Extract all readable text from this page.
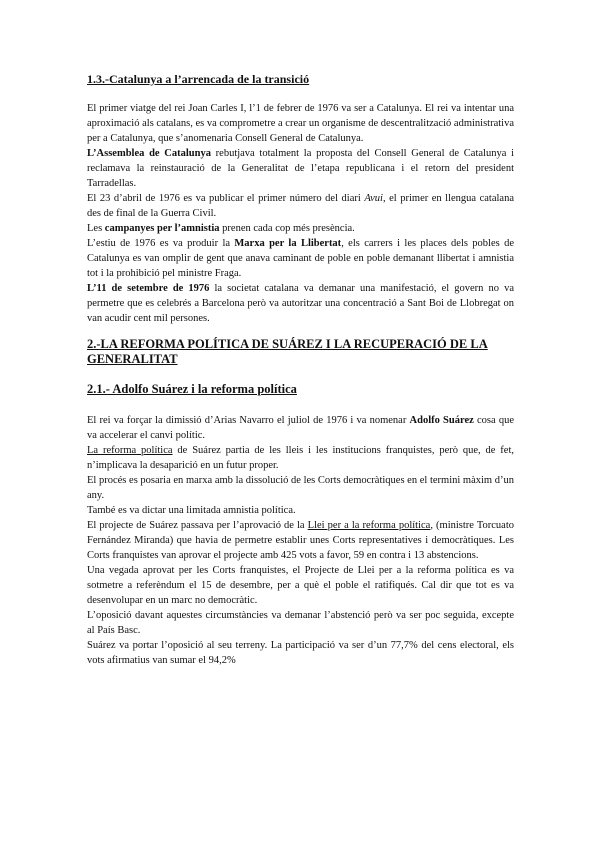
1.3.-Catalunya a l’arrencada de la transició

El primer viatge del rei Joan Carles I, l’1 de febrer de 1976 va ser a Catalunya. El rei va intentar una aproximació als catalans, es va comprometre a crear un organisme de descentralització administrativa per a Catalunya, que s’anomenaria Consell General de Catalunya.

L’Assemblea de Catalunya rebutjava totalment la proposta del Consell General de Catalunya i reclamava la reinstauració de la Generalitat de l’etapa republicana i el retorn del president Tarradellas.

El 23 d’abril de 1976 es va publicar el primer número del diari Avui, el primer en llengua catalana des de final de la Guerra Civil.

Les campanyes per l’amnistia prenen cada cop més presència.

L’estiu de 1976 es va produir la Marxa per la Llibertat, els carrers i les places dels pobles de Catalunya es van omplir de gent que anava caminant de poble en poble demanant llibertat i amnistia tot i la prohibició pel ministre Fraga.

L’11 de setembre de 1976 la societat catalana va demanar una manifestació, el govern no va permetre que es celebrés a Barcelona però va autoritzar una concentració a Sant Boi de Llobregat on van acudir cent mil persones.

2.-LA REFORMA POLÍTICA DE SUÁREZ I LA RECUPERACIÓ DE LA GENERALITAT
2.1.- Adolfo Suárez i la reforma política

El rei va forçar la dimissió d’Arias Navarro el juliol de 1976 i va nomenar Adolfo Suárez cosa que va accelerar el canvi polític.

La reforma política de Suárez partia de les lleis i les institucions franquistes, però que, de fet, n’implicava la desaparició en un futur proper.

El procés es posaria en marxa amb la dissolució de les Corts democràtiques en el termini màxim d’un any.

També es va dictar una limitada amnistia política.

El projecte de Suárez passava per l’aprovació de la Llei per a la reforma política, (ministre Torcuato Fernández Miranda) que havia de permetre establir unes Corts representatives i democràtiques. Les Corts franquistes van aprovar el projecte amb 425 vots a favor, 59 en contra i 13 abstencions.

Una vegada aprovat per les Corts franquistes, el Projecte de Llei per a la reforma política es va sotmetre a referèndum el 15 de desembre, per a què el poble el ratifiqués. Cal dir que tot es va desenvolupar en un marc no democràtic.

L’oposició davant aquestes circumstàncies va demanar l’abstenció però va ser poc seguida, excepte al País Basc.

Suárez va portar l’oposició al seu terreny. La participació va ser d’un 77,7% del cens electoral, els vots afirmatius van sumar el 94,2%
